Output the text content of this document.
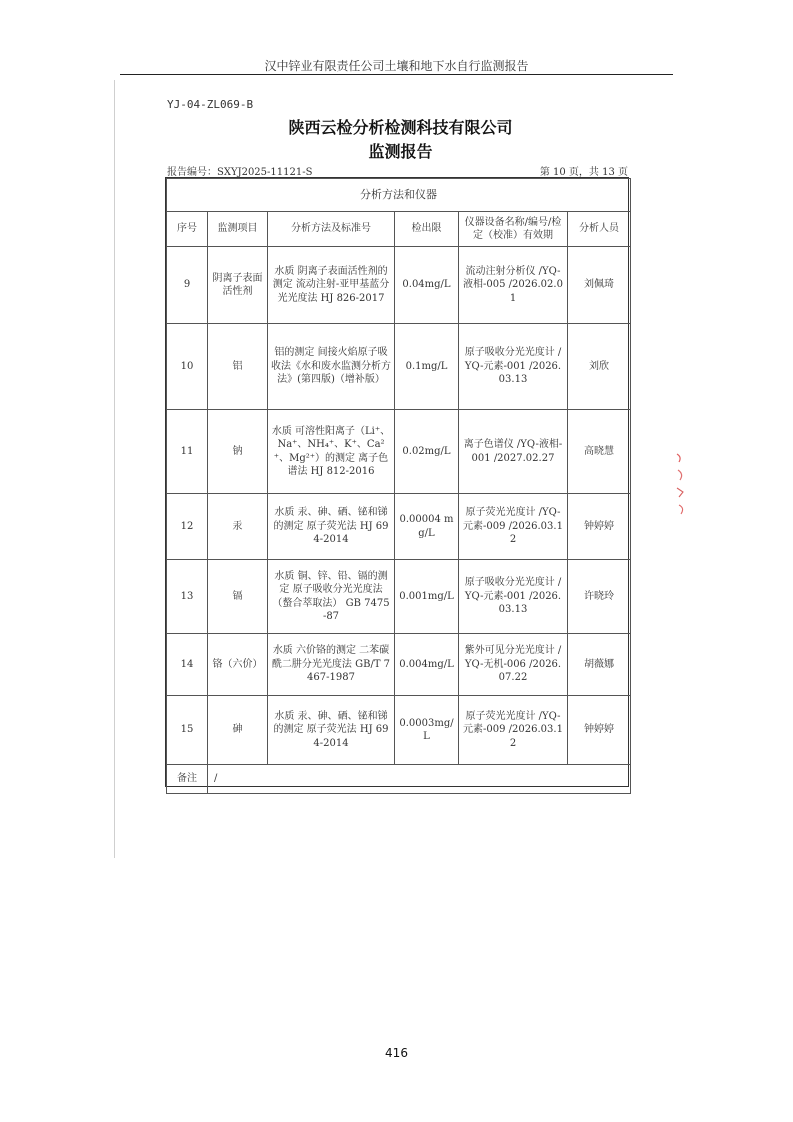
汉中锌业有限责任公司土壤和地下水自行监测报告
YJ-04-ZL069-B
陕西云检分析检测科技有限公司
监测报告
报告编号：SXYJ2025-11121-S	第 10 页，共 13 页
分析方法和仪器					
序号	监测项目	分析方法及标准号	检出限	仪器设备名称/编号/检定（校准）有效期	分析人员
9	阴离子表面活性剂	水质 阴离子表面活性剂的测定 流动注射-亚甲基蓝分光光度法 HJ 826-2017	0.04mg/L	流动注射分析仪 /YQ-液相-005 /2026.02.01	刘佩琦
10	铝	铝的测定 间接火焰原子吸收法《水和废水监测分析方法》(第四版)（增补版）	0.1mg/L	原子吸收分光光度计 /YQ-元素-001 /2026.03.13	刘欣
11	钠	水质 可溶性阳离子（Li⁺、Na⁺、NH₄⁺、K⁺、Ca²⁺、Mg²⁺）的测定 离子色谱法 HJ 812-2016	0.02mg/L	离子色谱仪 /YQ-液相-001 /2027.02.27	高晓慧
12	汞	水质 汞、砷、硒、铋和锑的测定 原子荧光法 HJ 694-2014	0.00004 mg/L	原子荧光光度计 /YQ-元素-009 /2026.03.12	钟婷婷
13	镉	水质 铜、锌、铅、镉的测定 原子吸收分光光度法（螯合萃取法） GB 7475-87	0.001mg/L	原子吸收分光光度计 /YQ-元素-001 /2026.03.13	许晓玲
14	铬（六价）	水质 六价铬的测定 二苯碳酰二肼分光光度法 GB/T 7467-1987	0.004mg/L	紫外可见分光光度计 /YQ-无机-006 /2026.07.22	胡薇娜
15	砷	水质 汞、砷、硒、铋和锑的测定 原子荧光法 HJ 694-2014	0.0003mg/L	原子荧光光度计 /YQ-元素-009 /2026.03.12	钟婷婷
备注	/				
416
